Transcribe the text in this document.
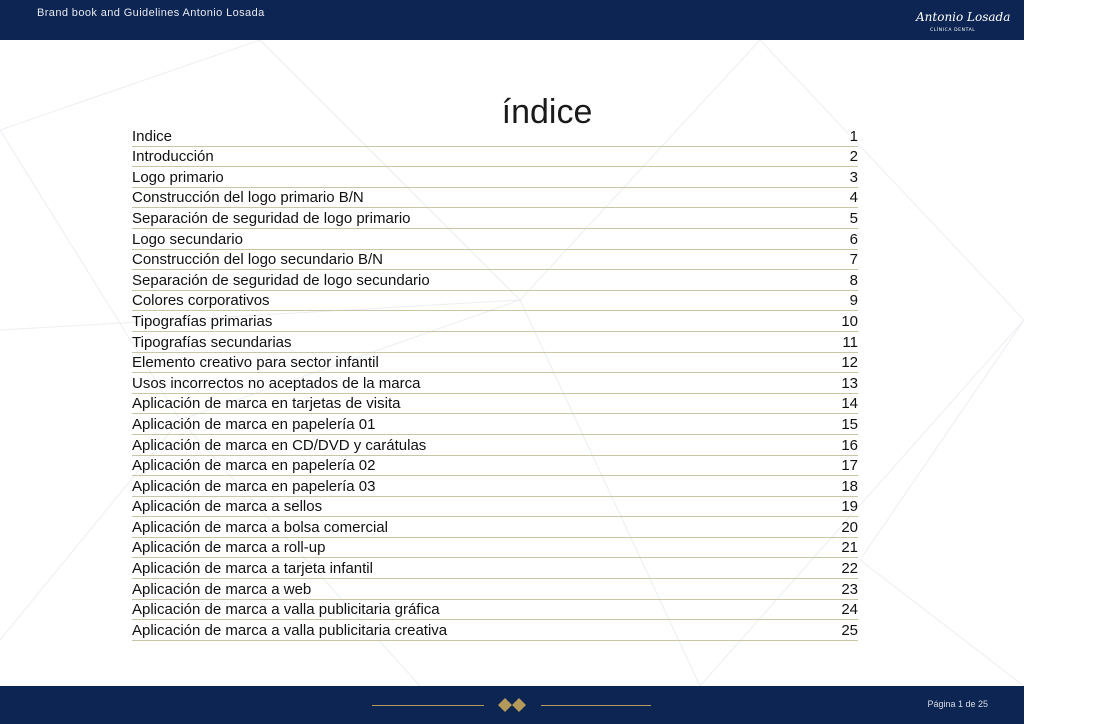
Brand book and Guidelines Antonio Losada	Antonio Losada
CLÍNICA DENTAL
índice
Indice	1
Introducción	2
Logo primario	3
Construcción del logo primario B/N	4
Separación de seguridad de logo primario	5
Logo secundario	6
Construcción del logo secundario B/N	7
Separación de seguridad de logo secundario	8
Colores corporativos	9
Tipografías primarias	10
Tipografías secundarias	11
Elemento creativo para sector infantil	12
Usos incorrectos no aceptados de la marca	13
Aplicación de marca en tarjetas de visita	14
Aplicación de marca en papelería 01	15
Aplicación de marca en CD/DVD y carátulas	16
Aplicación de marca en papelería 02	17
Aplicación de marca en papelería 03	18
Aplicación de marca a sellos	19
Aplicación de marca a bolsa comercial	20
Aplicación de marca a roll-up	21
Aplicación de marca a tarjeta infantil	22
Aplicación de marca a web	23
Aplicación de marca a valla publicitaria gráfica	24
Aplicación de marca a valla publicitaria creativa	25
Página 1 de 25
